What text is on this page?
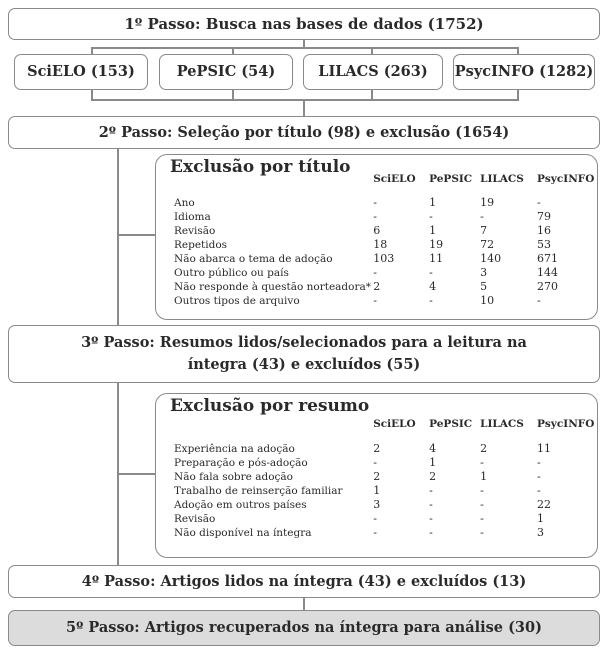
1º Passo: Busca nas bases de dados (1752)
SciELO (153)	PePSIC (54)	LILACS (263)	PsycINFO (1282)
2º Passo: Seleção por título (98) e exclusão (1654)
Exclusão por título
	SciELO	PePSIC	LILACS	PsycINFO

Ano	-	1	19	-
Idioma	-	-	-	79
Revisão	6	1	7	16
Repetidos	18	19	72	53
Não abarca o tema de adoção	103	11	140	671
Outro público ou país	-	-	3	144
Não responde à questão norteadora*	2	4	5	270
Outros tipos de arquivo	-	-	10	-
3º Passo: Resumos lidos/selecionados para a leitura na
íntegra (43) e excluídos (55)
Exclusão por resumo
	SciELO	PePSIC	LILACS	PsycINFO

Experiência na adoção	2	4	2	11
Preparação e pós-adoção	-	1	-	-
Não fala sobre adoção	2	2	1	-
Trabalho de reinserção familiar	1	-	-	-
Adoção em outros países	3	-	-	22
Revisão	-	-	-	1
Não disponível na íntegra	-	-	-	3
4º Passo: Artigos lidos na íntegra (43) e excluídos (13)
5º Passo: Artigos recuperados na íntegra para análise (30)
